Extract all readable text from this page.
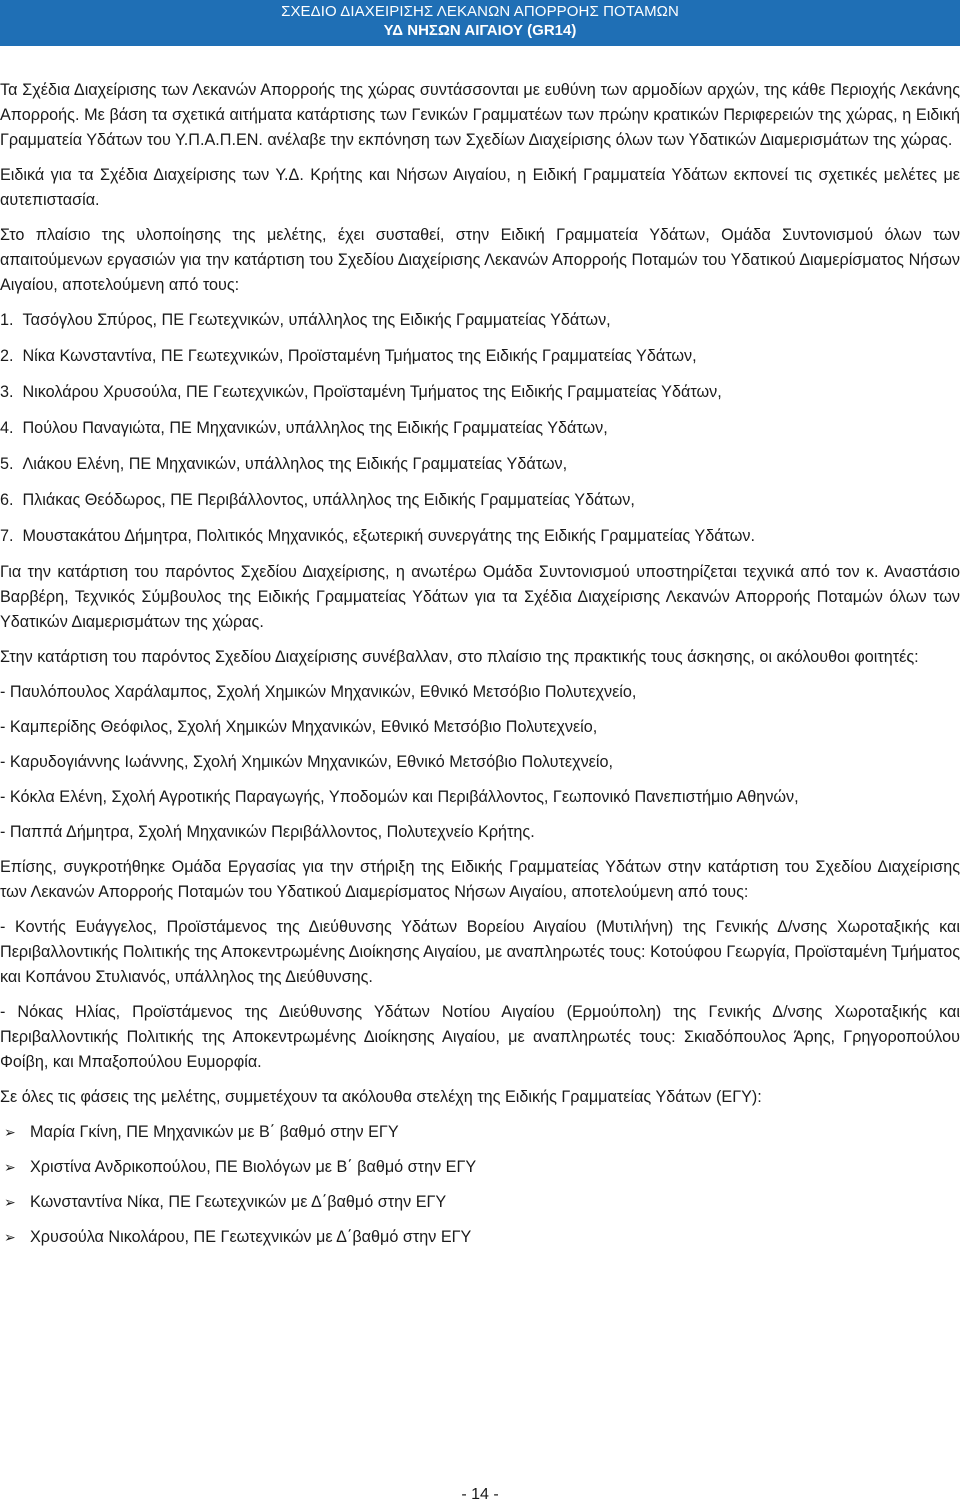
ΣΧΕΔΙΟ ΔΙΑΧΕΙΡΙΣΗΣ ΛΕΚΑΝΩΝ ΑΠΟΡΡΟΗΣ ΠΟΤΑΜΩΝ
ΥΔ ΝΗΣΩΝ ΑΙΓΑΙΟΥ (GR14)

Τα Σχέδια Διαχείρισης των Λεκανών Απορροής της χώρας συντάσσονται με ευθύνη των αρμοδίων αρχών, της κάθε Περιοχής Λεκάνης Απορροής. Με βάση τα σχετικά αιτήματα κατάρτισης των Γενικών Γραμματέων των πρώην κρατικών Περιφερειών της χώρας, η Ειδική Γραμματεία Υδάτων του Υ.Π.Α.Π.ΕΝ. ανέλαβε την εκπόνηση των Σχεδίων Διαχείρισης όλων των Υδατικών Διαμερισμάτων της χώρας.

Ειδικά για τα Σχέδια Διαχείρισης των Υ.Δ. Κρήτης και Νήσων Αιγαίου, η Ειδική Γραμματεία Υδάτων εκπονεί τις σχετικές μελέτες με αυτεπιστασία.

Στο πλαίσιο της υλοποίησης της μελέτης, έχει συσταθεί, στην Ειδική Γραμματεία Υδάτων, Ομάδα Συντονισμού όλων των απαιτούμενων εργασιών για την κατάρτιση του Σχεδίου Διαχείρισης Λεκανών Απορροής Ποταμών του Υδατικού Διαμερίσματος Νήσων Αιγαίου, αποτελούμενη από τους:

1.  Τασόγλου Σπύρος, ΠΕ Γεωτεχνικών, υπάλληλος της Ειδικής Γραμματείας Υδάτων,

2.  Νίκα Κωνσταντίνα, ΠΕ Γεωτεχνικών, Προϊσταμένη Τμήματος της Ειδικής Γραμματείας Υδάτων,

3.  Νικολάρου Χρυσούλα, ΠΕ Γεωτεχνικών, Προϊσταμένη Τμήματος της Ειδικής Γραμματείας Υδάτων,

4.  Πούλου Παναγιώτα, ΠΕ Μηχανικών, υπάλληλος της Ειδικής Γραμματείας Υδάτων,

5.  Λιάκου Ελένη, ΠΕ Μηχανικών, υπάλληλος της Ειδικής Γραμματείας Υδάτων,

6.  Πλιάκας Θεόδωρος, ΠΕ Περιβάλλοντος, υπάλληλος της Ειδικής Γραμματείας Υδάτων,

7.  Μουστακάτου Δήμητρα, Πολιτικός Μηχανικός, εξωτερική συνεργάτης της Ειδικής Γραμματείας Υδάτων.

Για την κατάρτιση του παρόντος Σχεδίου Διαχείρισης, η ανωτέρω Ομάδα Συντονισμού υποστηρίζεται τεχνικά από τον κ. Αναστάσιο Βαρβέρη, Τεχνικός Σύμβουλος της Ειδικής Γραμματείας Υδάτων για τα Σχέδια Διαχείρισης Λεκανών Απορροής Ποταμών όλων των Υδατικών Διαμερισμάτων της χώρας.

Στην κατάρτιση του παρόντος Σχεδίου Διαχείρισης συνέβαλλαν, στο πλαίσιο της πρακτικής τους άσκησης, οι ακόλουθοι φοιτητές:

- Παυλόπουλος Χαράλαμπος, Σχολή Χημικών Μηχανικών, Εθνικό Μετσόβιο Πολυτεχνείο,

- Καμπερίδης Θεόφιλος, Σχολή Χημικών Μηχανικών, Εθνικό Μετσόβιο Πολυτεχνείο,

- Καρυδογιάννης Ιωάννης, Σχολή Χημικών Μηχανικών, Εθνικό Μετσόβιο Πολυτεχνείο,

- Κόκλα Ελένη, Σχολή Αγροτικής Παραγωγής, Υποδομών και Περιβάλλοντος, Γεωπονικό Πανεπιστήμιο Αθηνών,

- Παππά Δήμητρα, Σχολή Μηχανικών Περιβάλλοντος, Πολυτεχνείο Κρήτης.

Επίσης, συγκροτήθηκε Ομάδα Εργασίας για την στήριξη της Ειδικής Γραμματείας Υδάτων στην κατάρτιση του Σχεδίου Διαχείρισης των Λεκανών Απορροής Ποταμών του Υδατικού Διαμερίσματος Νήσων Αιγαίου, αποτελούμενη από τους:

- Κοντής Ευάγγελος, Προϊστάμενος της Διεύθυνσης Υδάτων Βορείου Αιγαίου (Μυτιλήνη) της Γενικής Δ/νσης Χωροταξικής και Περιβαλλοντικής Πολιτικής της Αποκεντρωμένης Διοίκησης Αιγαίου, με αναπληρωτές τους: Κοτούφου Γεωργία, Προϊσταμένη Τμήματος και Κοπάνου Στυλιανός, υπάλληλος της Διεύθυνσης.

- Νόκας Ηλίας, Προϊστάμενος της Διεύθυνσης Υδάτων Νοτίου Αιγαίου (Ερμούπολη) της Γενικής Δ/νσης Χωροταξικής και Περιβαλλοντικής Πολιτικής της Αποκεντρωμένης Διοίκησης Αιγαίου, με αναπληρωτές τους: Σκιαδόπουλος Άρης, Γρηγοροπούλου Φοίβη, και Μπαξοπούλου Ευμορφία.

Σε όλες τις φάσεις της μελέτης, συμμετέχουν τα ακόλουθα στελέχη της Ειδικής Γραμματείας Υδάτων (ΕΓΥ):

➢ Μαρία Γκίνη, ΠΕ Μηχανικών με Β΄ βαθμό στην ΕΓΥ
➢ Χριστίνα Ανδρικοπούλου, ΠΕ Βιολόγων με Β΄ βαθμό στην ΕΓΥ
➢ Κωνσταντίνα Νίκα, ΠΕ Γεωτεχνικών με Δ΄βαθμό στην ΕΓΥ
➢ Χρυσούλα Νικολάρου, ΠΕ Γεωτεχνικών με Δ΄βαθμό στην ΕΓΥ
- 14 -
